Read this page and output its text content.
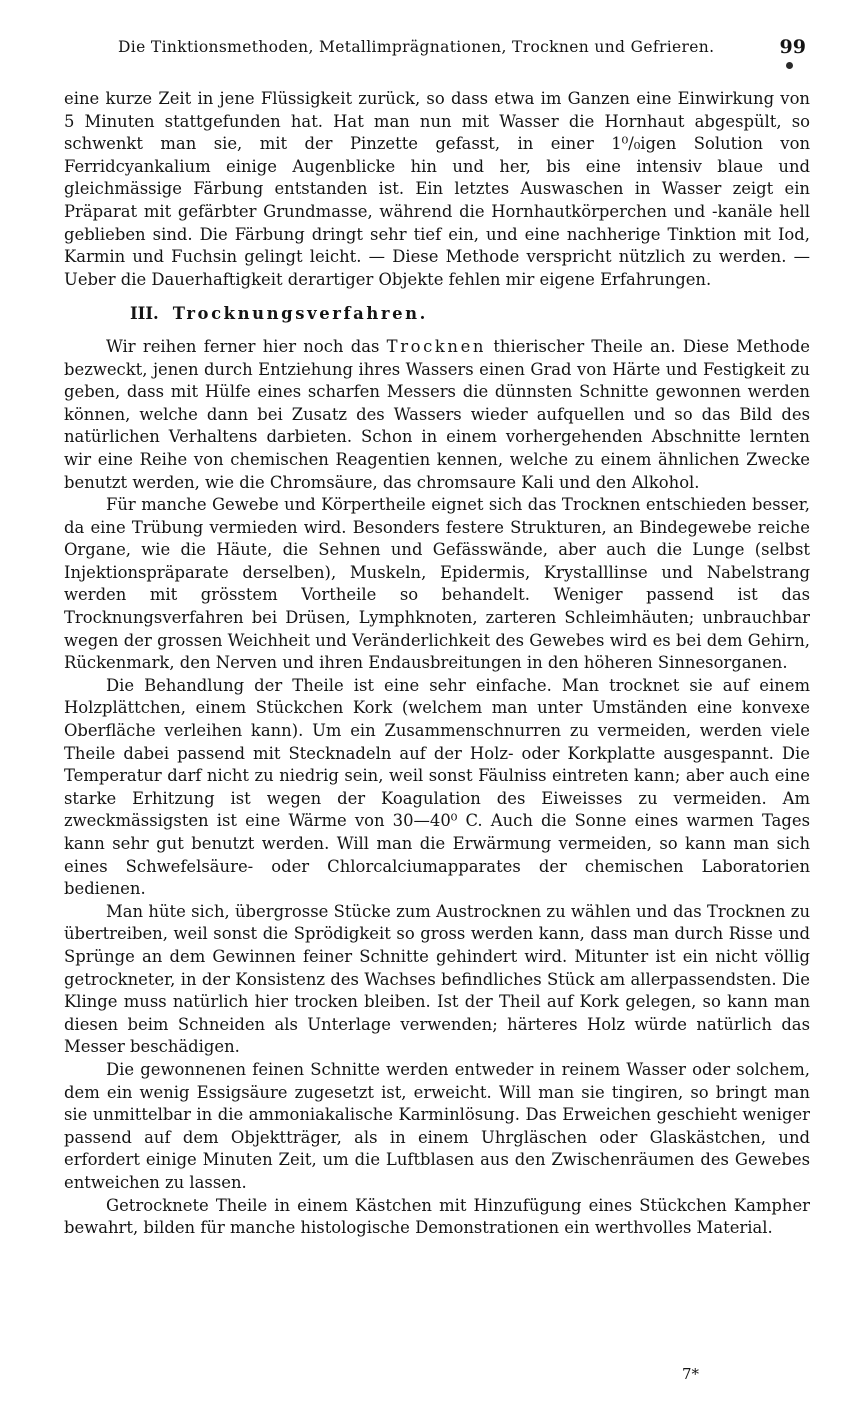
Die Tinktionsmethoden, Metallimprägnationen, Trocknen und Gefrieren.	99

eine kurze Zeit in jene Flüssigkeit zurück, so dass etwa im Ganzen eine Einwirkung von 5 Minuten stattgefunden hat. Hat man nun mit Wasser die Hornhaut abgespült, so schwenkt man sie, mit der Pinzette gefasst, in einer 1⁰/₀igen Solution von Ferridcyankalium einige Augenblicke hin und her, bis eine intensiv blaue und gleichmässige Färbung entstanden ist. Ein letztes Auswaschen in Wasser zeigt ein Präparat mit gefärbter Grundmasse, während die Hornhautkörperchen und -kanäle hell geblieben sind. Die Färbung dringt sehr tief ein, und eine nachherige Tinktion mit Iod, Karmin und Fuchsin gelingt leicht. — Diese Methode verspricht nützlich zu werden. — Ueber die Dauerhaftigkeit derartiger Objekte fehlen mir eigene Erfahrungen.

III. Trocknungsverfahren.

Wir reihen ferner hier noch das Trocknen thierischer Theile an. Diese Methode bezweckt, jenen durch Entziehung ihres Wassers einen Grad von Härte und Festigkeit zu geben, dass mit Hülfe eines scharfen Messers die dünnsten Schnitte gewonnen werden können, welche dann bei Zusatz des Wassers wieder aufquellen und so das Bild des natürlichen Verhaltens darbieten. Schon in einem vorhergehenden Abschnitte lernten wir eine Reihe von chemischen Reagentien kennen, welche zu einem ähnlichen Zwecke benutzt werden, wie die Chromsäure, das chromsaure Kali und den Alkohol.

Für manche Gewebe und Körpertheile eignet sich das Trocknen entschieden besser, da eine Trübung vermieden wird. Besonders festere Strukturen, an Bindegewebe reiche Organe, wie die Häute, die Sehnen und Gefässwände, aber auch die Lunge (selbst Injektionspräparate derselben), Muskeln, Epidermis, Krystalllinse und Nabelstrang werden mit grösstem Vortheile so behandelt. Weniger passend ist das Trocknungsverfahren bei Drüsen, Lymphknoten, zarteren Schleimhäuten; unbrauchbar wegen der grossen Weichheit und Veränderlichkeit des Gewebes wird es bei dem Gehirn, Rückenmark, den Nerven und ihren Endausbreitungen in den höheren Sinnesorganen.

Die Behandlung der Theile ist eine sehr einfache. Man trocknet sie auf einem Holzplättchen, einem Stückchen Kork (welchem man unter Umständen eine konvexe Oberfläche verleihen kann). Um ein Zusammenschnurren zu vermeiden, werden viele Theile dabei passend mit Stecknadeln auf der Holz- oder Korkplatte ausgespannt. Die Temperatur darf nicht zu niedrig sein, weil sonst Fäulniss eintreten kann; aber auch eine starke Erhitzung ist wegen der Koagulation des Eiweisses zu vermeiden. Am zweckmässigsten ist eine Wärme von 30—40⁰ C. Auch die Sonne eines warmen Tages kann sehr gut benutzt werden. Will man die Erwärmung vermeiden, so kann man sich eines Schwefelsäure- oder Chlorcalciumapparates der chemischen Laboratorien bedienen.

Man hüte sich, übergrosse Stücke zum Austrocknen zu wählen und das Trocknen zu übertreiben, weil sonst die Sprödigkeit so gross werden kann, dass man durch Risse und Sprünge an dem Gewinnen feiner Schnitte gehindert wird. Mitunter ist ein nicht völlig getrockneter, in der Konsistenz des Wachses befindliches Stück am allerpassendsten. Die Klinge muss natürlich hier trocken bleiben. Ist der Theil auf Kork gelegen, so kann man diesen beim Schneiden als Unterlage verwenden; härteres Holz würde natürlich das Messer beschädigen.

Die gewonnenen feinen Schnitte werden entweder in reinem Wasser oder solchem, dem ein wenig Essigsäure zugesetzt ist, erweicht. Will man sie tingiren, so bringt man sie unmittelbar in die ammoniakalische Karminlösung. Das Erweichen geschieht weniger passend auf dem Objektträger, als in einem Uhrgläschen oder Glaskästchen, und erfordert einige Minuten Zeit, um die Luftblasen aus den Zwischenräumen des Gewebes entweichen zu lassen.

Getrocknete Theile in einem Kästchen mit Hinzufügung eines Stückchen Kampher bewahrt, bilden für manche histologische Demonstrationen ein werthvolles Material.

7*
